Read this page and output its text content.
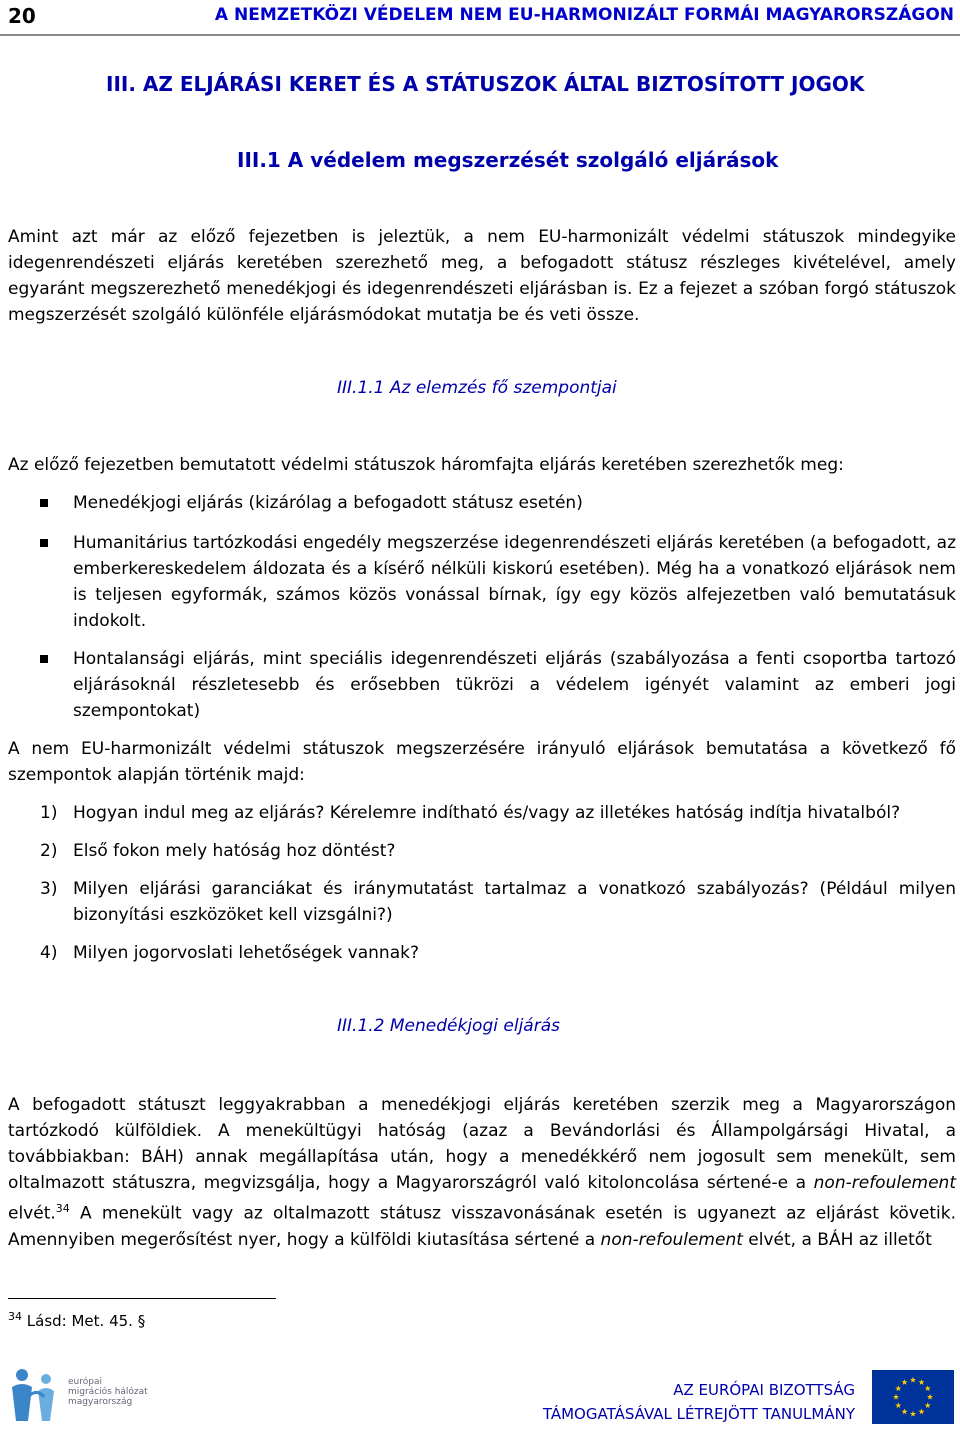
20	A NEMZETKÖZI VÉDELEM NEM EU-HARMONIZÁLT FORMÁI MAGYARORSZÁGON
III. AZ ELJÁRÁSI KERET ÉS A STÁTUSZOK ÁLTAL BIZTOSÍTOTT JOGOK
III.1 A védelem megszerzését szolgáló eljárások
Amint azt már az előző fejezetben is jeleztük, a nem EU-harmonizált védelmi státuszok mindegyike idegenrendészeti eljárás keretében szerezhető meg, a befogadott státusz részleges kivételével, amely egyaránt megszerezhető menedékjogi és idegenrendészeti eljárásban is. Ez a fejezet a szóban forgó státuszok megszerzését szolgáló különféle eljárásmódokat mutatja be és veti össze.
III.1.1 Az elemzés fő szempontjai
Az előző fejezetben bemutatott védelmi státuszok háromfajta eljárás keretében szerezhetők meg:
Menedékjogi eljárás (kizárólag a befogadott státusz esetén)
Humanitárius tartózkodási engedély megszerzése idegenrendészeti eljárás keretében (a befogadott, az emberkereskedelem áldozata és a kísérő nélküli kiskorú esetében). Még ha a vonatkozó eljárások nem is teljesen egyformák, számos közös vonással bírnak, így egy közös alfejezetben való bemutatásuk indokolt.
Hontalansági eljárás, mint speciális idegenrendészeti eljárás (szabályozása a fenti csoportba tartozó eljárásoknál részletesebb és erősebben tükrözi a védelem igényét valamint az emberi jogi szempontokat)
A nem EU-harmonizált védelmi státuszok megszerzésére irányuló eljárások bemutatása a következő fő szempontok alapján történik majd:
1) Hogyan indul meg az eljárás? Kérelemre indítható és/vagy az illetékes hatóság indítja hivatalból?
2) Első fokon mely hatóság hoz döntést?
3) Milyen eljárási garanciákat és iránymutatást tartalmaz a vonatkozó szabályozás? (Például milyen bizonyítási eszközöket kell vizsgálni?)
4) Milyen jogorvoslati lehetőségek vannak?
III.1.2 Menedékjogi eljárás
A befogadott státuszt leggyakrabban a menedékjogi eljárás keretében szerzik meg a Magyarországon tartózkodó külföldiek. A menekültügyi hatóság (azaz a Bevándorlási és Állampolgársági Hivatal, a továbbiakban: BÁH) annak megállapítása után, hogy a menedékkérő nem jogosult sem menekült, sem oltalmazott státuszra, megvizsgálja, hogy a Magyarországról való kitoloncolása sértené-e a non-refoulement elvét.$^{34}$ A menekült vagy az oltalmazott státusz visszavonásának esetén is ugyanezt az eljárást követik. Amennyiben megerősítést nyer, hogy a külföldi kiutasítása sértené a non-refoulement elvét, a BÁH az illetőt
$^{34}$ Lásd: Met. 45. §
európai
migrációs hálózat
magyarország
AZ EURÓPAI BIZOTTSÁG
TÁMOGATÁSÁVAL LÉTREJÖTT TANULMÁNY
